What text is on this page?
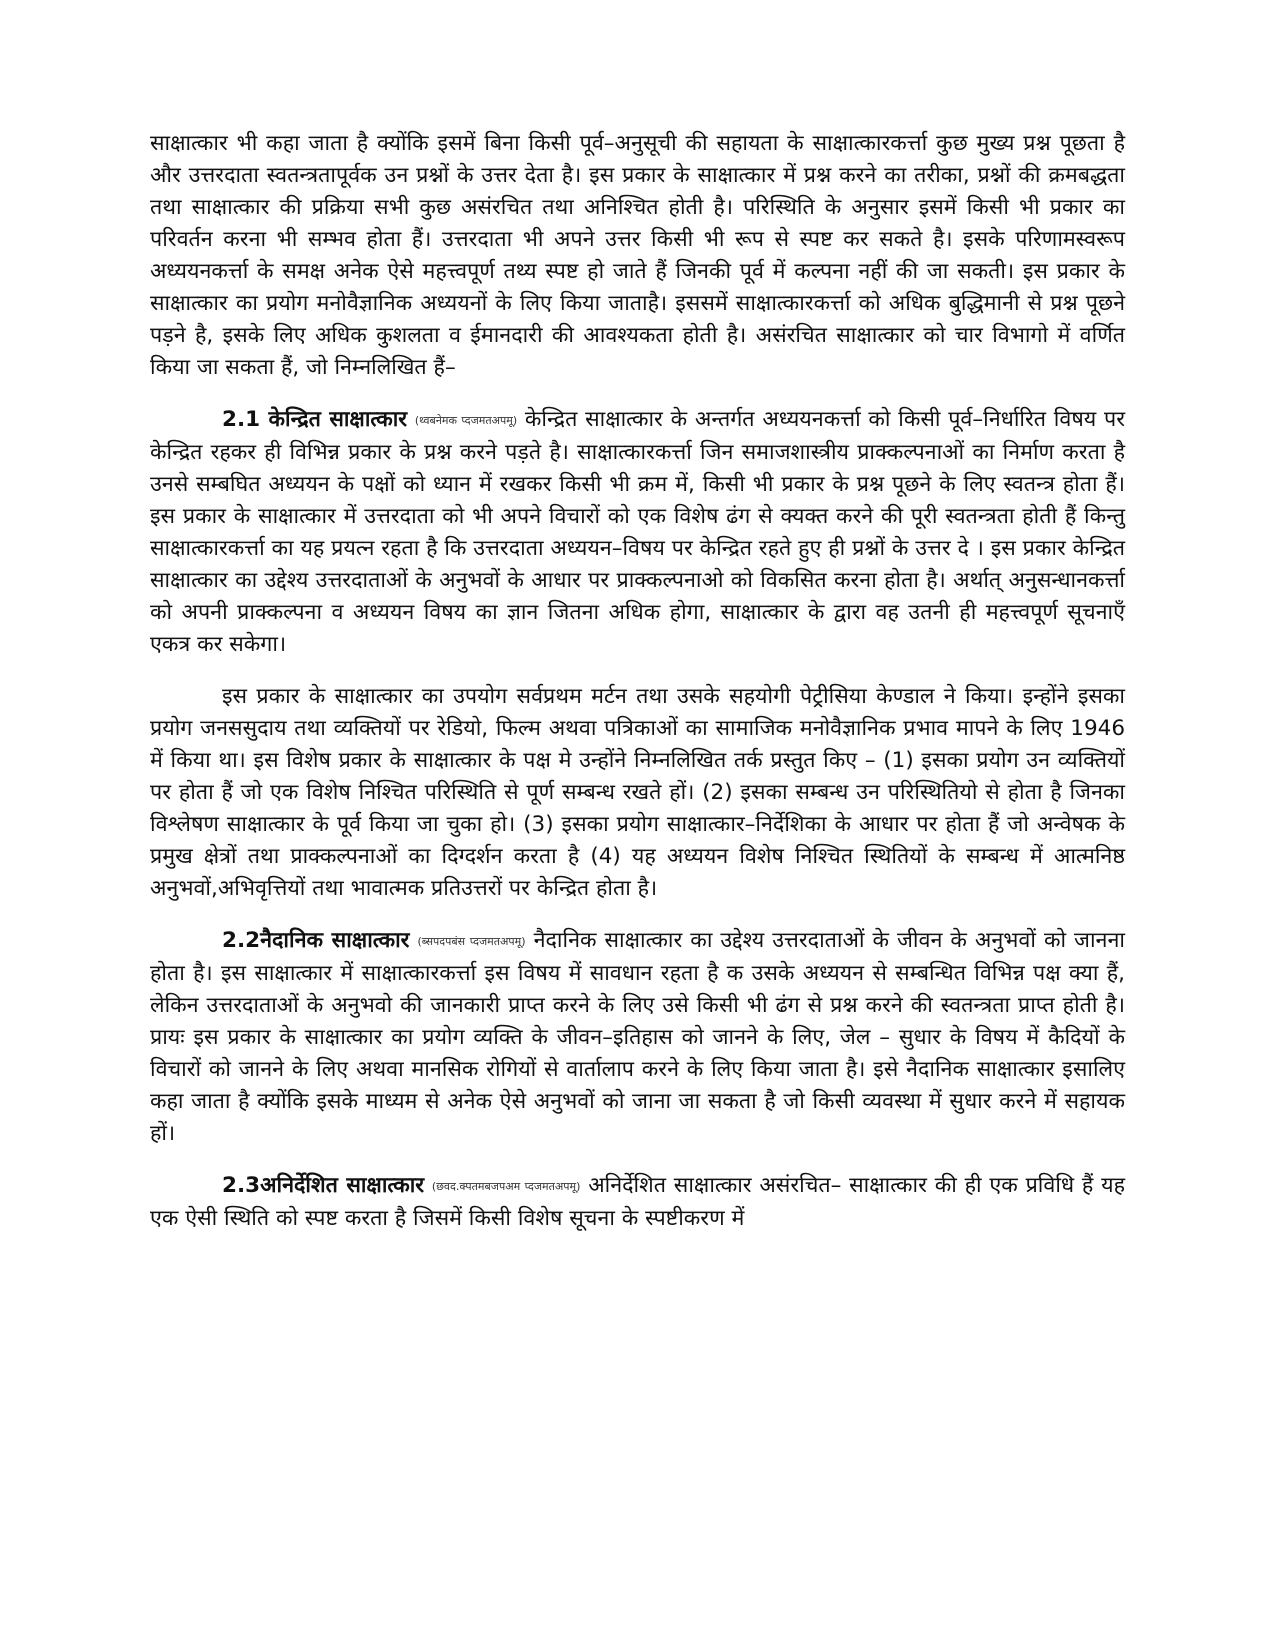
साक्षात्कार भी कहा जाता है क्योंकि इसमें बिना किसी पूर्व–अनुसूची की सहायता के साक्षात्कारकर्त्ता कुछ मुख्य प्रश्न पूछता है और उत्तरदाता स्वतन्त्रतापूर्वक उन प्रश्नों के उत्तर देता है। इस प्रकार के साक्षात्कार में प्रश्न करने का तरीका, प्रश्नों की क्रमबद्धता तथा साक्षात्कार की प्रक्रिया सभी कुछ असंरचित तथा अनिश्चित होती है। परिस्थिति के अनुसार इसमें किसी भी प्रकार का परिवर्तन करना भी सम्भव होता हैं। उत्तरदाता भी अपने उत्तर किसी भी रूप से स्पष्ट कर सकते है। इसके परिणामस्वरूप अध्ययनकर्त्ता के समक्ष अनेक ऐसे महत्त्वपूर्ण तथ्य स्पष्ट हो जाते हैं जिनकी पूर्व में कल्पना नहीं की जा सकती। इस प्रकार के साक्षात्कार का प्रयोग मनोवैज्ञानिक अध्ययनों के लिए किया जाताहै। इससमें साक्षात्कारकर्त्ता को अधिक बुद्धिमानी से प्रश्न पूछने पड़ने है, इसके लिए अधिक कुशलता व ईमानदारी की आवश्यकता होती है। असंरचित साक्षात्कार को चार विभागो में वर्णित किया जा सकता हैं, जो निम्नलिखित हैं–

2.1 केन्द्रित साक्षात्कार (थ्वबनेमक प्दजमतअपमू) केन्द्रित साक्षात्कार के अन्तर्गत अध्ययनकर्त्ता को किसी पूर्व–निर्धारित विषय पर केन्द्रित रहकर ही विभिन्न प्रकार के प्रश्न करने पड़ते है। साक्षात्कारकर्त्ता जिन समाजशास्त्रीय प्राक्कल्पनाओं का निर्माण करता है उनसे सम्बघित अध्ययन के पक्षों को ध्यान में रखकर किसी भी क्रम में, किसी भी प्रकार के प्रश्न पूछने के लिए स्वतन्त्र होता हैं। इस प्रकार के साक्षात्कार में उत्तरदाता को भी अपने विचारों को एक विशेष ढंग से क्यक्त करने की पूरी स्वतन्त्रता होती हैं किन्तु साक्षात्कारकर्त्ता का यह प्रयत्न रहता है कि उत्तरदाता अध्ययन–विषय पर केन्द्रित रहते हुए ही प्रश्नों के उत्तर दे । इस प्रकार केन्द्रित साक्षात्कार का उद्देश्य उत्तरदाताओं के अनुभवों के आधार पर प्राक्कल्पनाओ को विकसित करना होता है। अर्थात् अनुसन्धानकर्त्ता को अपनी प्राक्कल्पना व अध्ययन विषय का ज्ञान जितना अधिक होगा, साक्षात्कार के द्वारा वह उतनी ही महत्त्वपूर्ण सूचनाएँ एकत्र कर सकेगा।

इस प्रकार के साक्षात्कार का उपयोग सर्वप्रथम मर्टन तथा उसके सहयोगी पेट्रीसिया केण्डाल ने किया। इन्होंने इसका प्रयोग जनससुदाय तथा व्यक्तियों पर रेडियो, फिल्म अथवा पत्रिकाओं का सामाजिक मनोवैज्ञानिक प्रभाव मापने के लिए 1946 में किया था। इस विशेष प्रकार के साक्षात्कार के पक्ष मे उन्होंने निम्नलिखित तर्क प्रस्तुत किए – (1) इसका प्रयोग उन व्यक्तियों पर होता हैं जो एक विशेष निश्चित परिस्थिति से पूर्ण सम्बन्ध रखते हों। (2) इसका सम्बन्ध उन परिस्थितियो से होता है जिनका विश्लेषण साक्षात्कार के पूर्व किया जा चुका हो। (3) इसका प्रयोग साक्षात्कार–निर्देशिका के आधार पर होता हैं जो अन्वेषक के प्रमुख क्षेत्रों तथा प्राक्कल्पनाओं का दिग्दर्शन करता है (4) यह अध्ययन विशेष निश्चित स्थितियों के सम्बन्ध में आत्मनिष्ठ अनुभवों,अभिवृत्तियों तथा भावात्मक प्रतिउत्तरों पर केन्द्रित होता है।

2.2नैदानिक साक्षात्कार (ब्सपदपबंस प्दजमतअपमू) नैदानिक साक्षात्कार का उद्देश्य उत्तरदाताओं के जीवन के अनुभवों को जानना होता है। इस साक्षात्कार में साक्षात्कारकर्त्ता इस विषय में सावधान रहता है क उसके अध्ययन से सम्बन्धित विभिन्न पक्ष क्या हैं, लेकिन उत्तरदाताओं के अनुभवो की जानकारी प्राप्त करने के लिए उसे किसी भी ढंग से प्रश्न करने की स्वतन्त्रता प्राप्त होती है। प्रायः इस प्रकार के साक्षात्कार का प्रयोग व्यक्ति के जीवन–इतिहास को जानने के लिए, जेल – सुधार के विषय में कैदियों के विचारों को जानने के लिए अथवा मानसिक रोगियों से वार्तालाप करने के लिए किया जाता है। इसे नैदानिक साक्षात्कार इसालिए कहा जाता है क्योंकि इसके माध्यम से अनेक ऐसे अनुभवों को जाना जा सकता है जो किसी व्यवस्था में सुधार करने में सहायक हों।

2.3अनिर्देशित साक्षात्कार (छवद.क्पतमबजपअम प्दजमतअपमू) अनिर्देशित साक्षात्कार असंरचित– साक्षात्कार की ही एक प्रविधि हैं यह एक ऐसी स्थिति को स्पष्ट करता है जिसमें किसी विशेष सूचना के स्पष्टीकरण में
